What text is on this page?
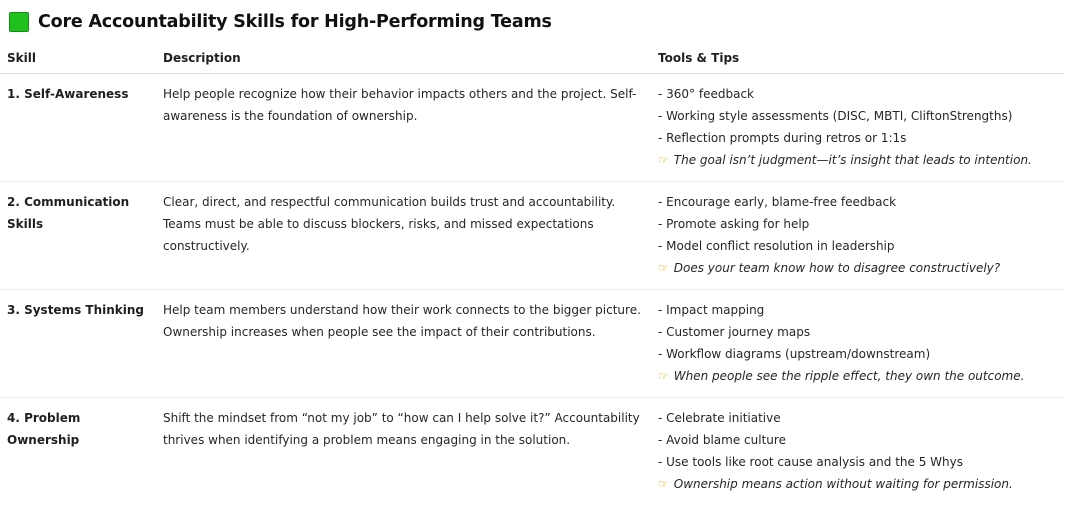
Core Accountability Skills for High-Performing Teams
Skill	Description	Tools & Tips
1. Self-Awareness	Help people recognize how their behavior impacts others and the project. Self-awareness is the foundation of ownership.	- 360° feedback
- Working style assessments (DISC, MBTI, CliftonStrengths)
- Reflection prompts during retros or 1:1s
☞ The goal isn’t judgment—it’s insight that leads to intention.

2. Communication Skills	Clear, direct, and respectful communication builds trust and accountability. Teams must be able to discuss blockers, risks, and missed expectations constructively.	- Encourage early, blame-free feedback
- Promote asking for help
- Model conflict resolution in leadership
☞ Does your team know how to disagree constructively?

3. Systems Thinking	Help team members understand how their work connects to the bigger picture. Ownership increases when people see the impact of their contributions.	- Impact mapping
- Customer journey maps
- Workflow diagrams (upstream/downstream)
☞ When people see the ripple effect, they own the outcome.

4. Problem Ownership	Shift the mindset from “not my job” to “how can I help solve it?” Accountability thrives when identifying a problem means engaging in the solution.	- Celebrate initiative
- Avoid blame culture
- Use tools like root cause analysis and the 5 Whys
☞ Ownership means action without waiting for permission.
